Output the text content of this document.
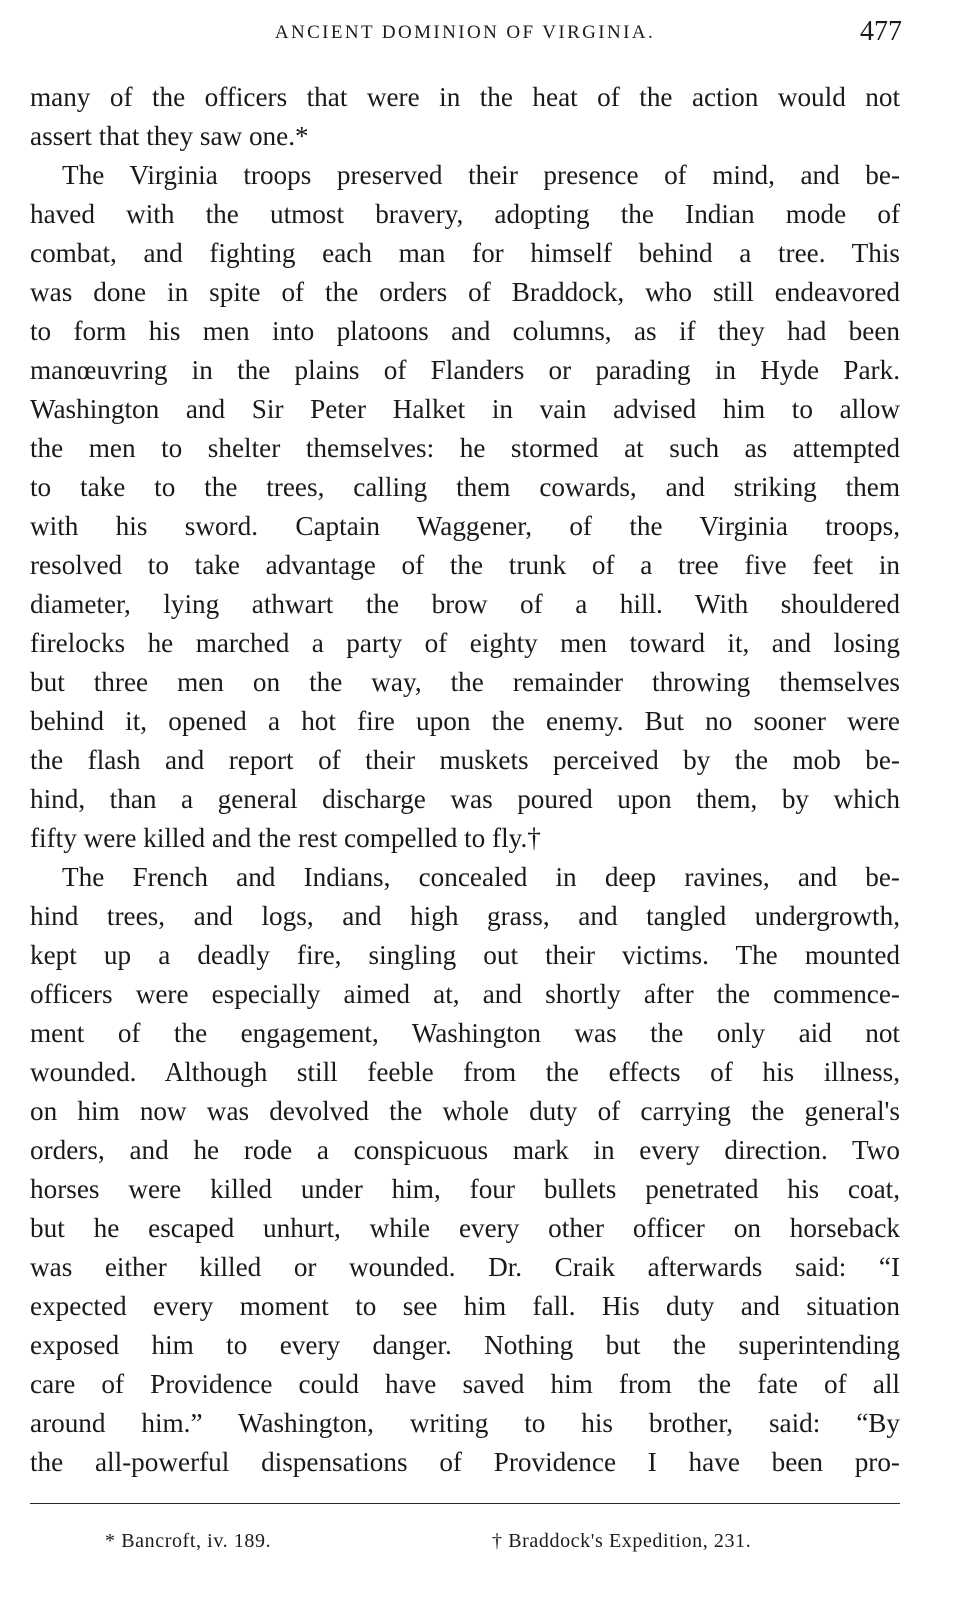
ANCIENT DOMINION OF VIRGINIA.	477

many of the officers that were in the heat of the action would not

assert that they saw one.*

The Virginia troops preserved their presence of mind, and be-

haved with the utmost bravery, adopting the Indian mode of

combat, and fighting each man for himself behind a tree. This

was done in spite of the orders of Braddock, who still endeavored

to form his men into platoons and columns, as if they had been

manœuvring in the plains of Flanders or parading in Hyde Park.

Washington and Sir Peter Halket in vain advised him to allow

the men to shelter themselves: he stormed at such as attempted

to take to the trees, calling them cowards, and striking them

with his sword. Captain Waggener, of the Virginia troops,

resolved to take advantage of the trunk of a tree five feet in

diameter, lying athwart the brow of a hill. With shouldered

firelocks he marched a party of eighty men toward it, and losing

but three men on the way, the remainder throwing themselves

behind it, opened a hot fire upon the enemy. But no sooner were

the flash and report of their muskets perceived by the mob be-

hind, than a general discharge was poured upon them, by which

fifty were killed and the rest compelled to fly.†

The French and Indians, concealed in deep ravines, and be-

hind trees, and logs, and high grass, and tangled undergrowth,

kept up a deadly fire, singling out their victims. The mounted

officers were especially aimed at, and shortly after the commence-

ment of the engagement, Washington was the only aid not

wounded. Although still feeble from the effects of his illness,

on him now was devolved the whole duty of carrying the general's

orders, and he rode a conspicuous mark in every direction. Two

horses were killed under him, four bullets penetrated his coat,

but he escaped unhurt, while every other officer on horseback

was either killed or wounded. Dr. Craik afterwards said: “I

expected every moment to see him fall. His duty and situation

exposed him to every danger. Nothing but the superintending

care of Providence could have saved him from the fate of all

around him.” Washington, writing to his brother, said: “By

the all-powerful dispensations of Providence I have been pro-

* Bancroft, iv. 189.	† Braddock's Expedition, 231.
